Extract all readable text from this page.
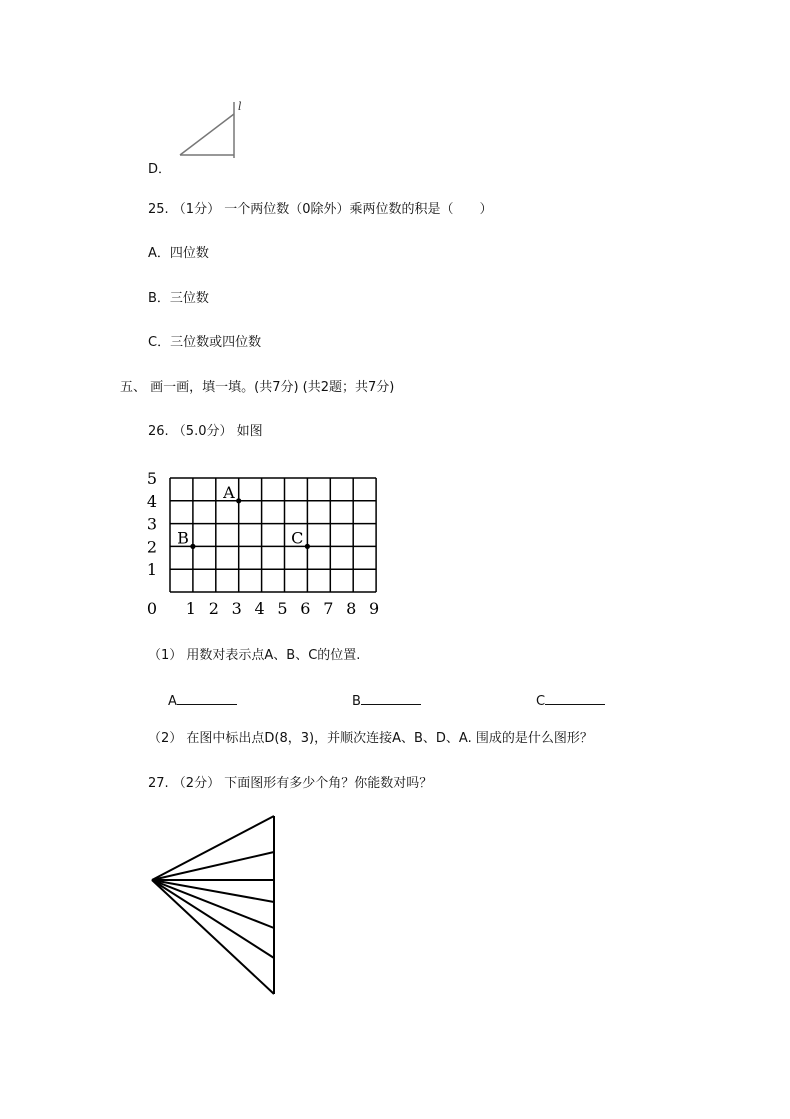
l
D．
25. （1分） 一个两位数（0除外）乘两位数的积是（　　）
A．四位数
B．三位数
C．三位数或四位数
五、 画一画，填一填。(共7分) (共2题；共7分)
26. （5.0分） 如图
5
4
3
2
1
0 1 2 3 4 5 6 7 8 9
A
B	C
（1） 用数对表示点A、B、C的位置.
A	B	C
（2） 在图中标出点D(8，3)，并顺次连接A、B、D、A. 围成的是什么图形？
27. （2分） 下面图形有多少个角？你能数对吗？
